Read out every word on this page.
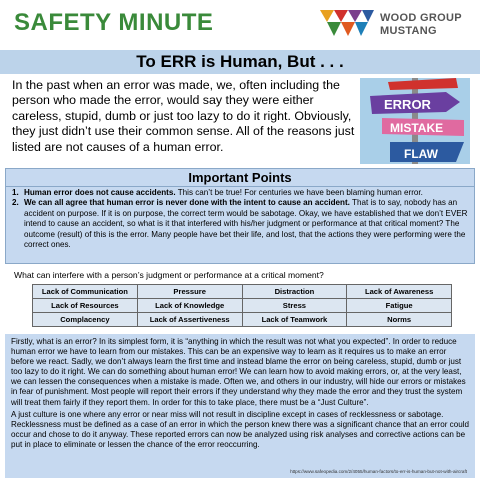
SAFETY MINUTE	WOOD GROUP
MUSTANG
To ERR is Human, But . . .
In the past when an error was made, we, often including the person who made the error, would say they were either careless, stupid, dumb or just too lazy to do it right. Obviously, they just didn’t use their common sense. All of the reasons just listed are not causes of a human error.
ERROR
MISTAKE
FLAW
Important Points
1. Human error does not cause accidents. This can’t be true! For centuries we have been blaming human error.
2. We can all agree that human error is never done with the intent to cause an accident. That is to say, nobody has an accident on purpose. If it is on purpose, the correct term would be sabotage. Okay, we have established that we don’t EVER intend to cause an accident, so what is it that interfered with his/her judgment or performance at that critical moment? The outcome (result) of this is the error. Many people have bet their life, and lost, that the actions they were performing were the correct ones.
What can interfere with a person’s judgment or performance at a critical moment?
Lack of Communication	Pressure	Distraction	Lack of Awareness
Lack of Resources	Lack of Knowledge	Stress	Fatigue
Complacency	Lack of Assertiveness	Lack of Teamwork	Norms

Firstly, what is an error? In its simplest form, it is “anything in which the result was not what you expected”. In order to reduce human error we have to learn from our mistakes. This can be an expensive way to learn as it requires us to make an error before we react. Sadly, we don’t always learn the first time and instead blame the error on being careless, stupid, dumb or just too lazy to do it right. We can do something about human error! We can learn how to avoid making errors, or, at the very least, we can lessen the consequences when a mistake is made. Often we, and others in our industry, will hide our errors or mistakes in fear of punishment. Most people will report their errors if they understand why they made the error and they trust the system will treat them fairly if they report them. In order for this to take place, there must be a “Just Culture”.

A just culture is one where any error or near miss will not result in discipline except in cases of recklessness or sabotage. Recklessness must be defined as a case of an error in which the person knew there was a significant chance that an error could occur and chose to do it anyway. These reported errors can now be analyzed using risk analyses and corrective actions can be put in place to eliminate or lessen the chance of the error reoccurring.

https://www.safeopedia.com/2/4055/human-factors/to-err-is-human-but-not-with-aircraft
